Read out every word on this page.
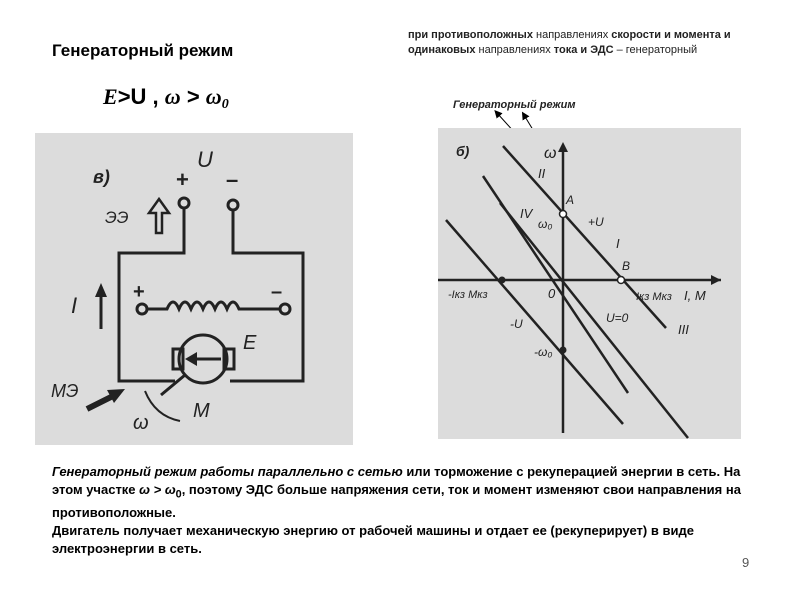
Генераторный режим
E>U , ω > ω0
при противоположных направлениях скорости и момента и одинаковых направлениях тока и ЭДС – генераторный
Генераторный режим
в)	+ –
U
ЭЭ
I
+	–
E
МЭ
ω
M
б)	ω
I, M
ω₀
-ω₀
0
+U
-U	U=0
A
B
Iкз Mкз
-Iкз Mкз
I
II
III
IV
Генераторный режим работы параллельно с сетью или торможение с рекуперацией энергии в сеть. На этом участке $\omega > \omega_0$, поэтому ЭДС больше напряжения сети, ток и момент изменяют свои направления на противоположные.
Двигатель получает механическую энергию от рабочей машины и отдает ее (рекуперирует) в виде электроэнергии в сеть.
9
